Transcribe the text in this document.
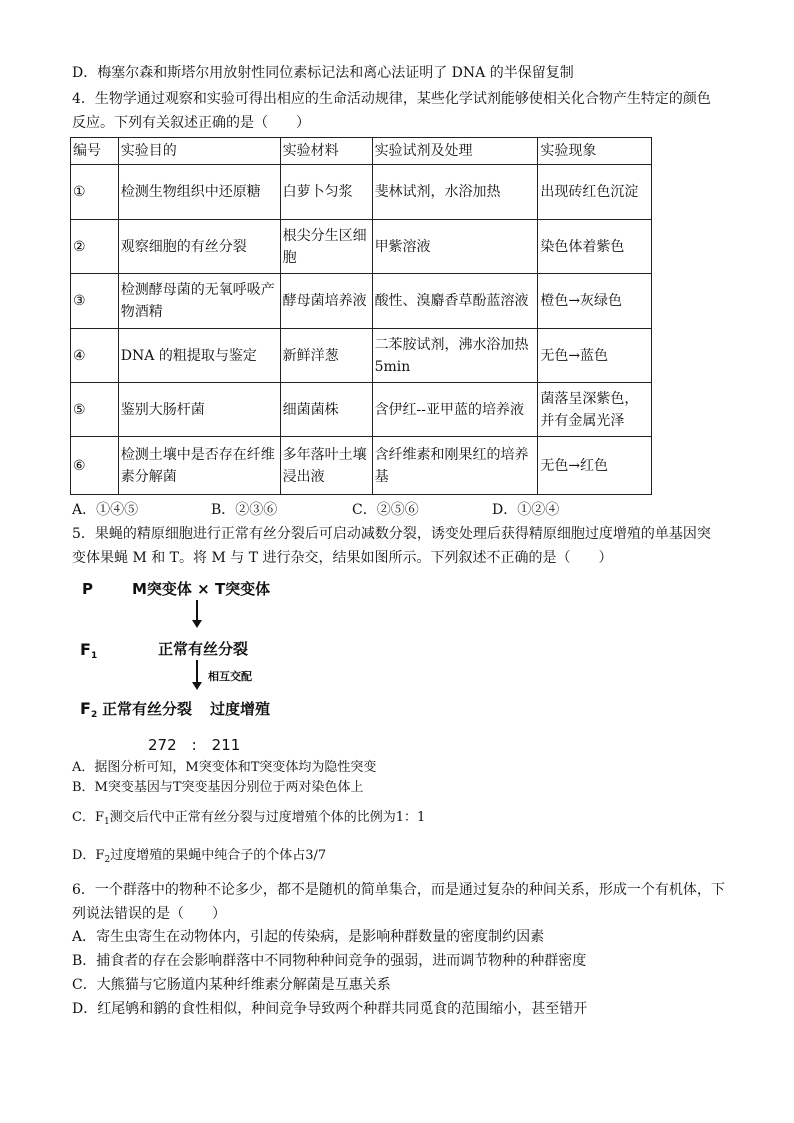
D．梅塞尔森和斯塔尔用放射性同位素标记法和离心法证明了 DNA 的半保留复制
4．生物学通过观察和实验可得出相应的生命活动规律，某些化学试剂能够使相关化合物产生特定的颜色
反应。下列有关叙述正确的是（　　）
编号	实验目的	实验材料	实验试剂及处理	实验现象
①	检测生物组织中还原糖	白萝卜匀浆	斐林试剂，水浴加热	出现砖红色沉淀
②	观察细胞的有丝分裂	根尖分生区细胞	甲紫溶液	染色体着紫色
③	检测酵母菌的无氧呼吸产物酒精	酵母菌培养液	酸性、溴麝香草酚蓝溶液	橙色→灰绿色
④	DNA 的粗提取与鉴定	新鲜洋葱	二苯胺试剂，沸水浴加热 5min	无色→蓝色
⑤	鉴别大肠杆菌	细菌菌株	含伊红--亚甲蓝的培养液	菌落呈深紫色，并有金属光泽
⑥	检测土壤中是否存在纤维素分解菌	多年落叶土壤浸出液	含纤维素和刚果红的培养基	无色→红色
A．①④⑤	B．②③⑥	C．②⑤⑥	D．①②④
5．果蝇的精原细胞进行正常有丝分裂后可启动减数分裂，诱变处理后获得精原细胞过度增殖的单基因突
变体果蝇 M 和 T。将 M 与 T 进行杂交，结果如图所示。下列叙述不正确的是（　　）
P	M突变体 × T突变体
$F_1$	正常有丝分裂
相互交配
$F_2$ 正常有丝分裂 过度增殖
272　:　211
A．据图分析可知，M突变体和T突变体均为隐性突变
B．M突变基因与T突变基因分别位于两对染色体上
C．$F_1$测交后代中正常有丝分裂与过度增殖个体的比例为1：1
D．$F_2$过度增殖的果蝇中纯合子的个体占3/7
6．一个群落中的物种不论多少，都不是随机的简单集合，而是通过复杂的种间关系，形成一个有机体，下
列说法错误的是（　　）
A．寄生虫寄生在动物体内，引起的传染病，是影响种群数量的密度制约因素
B．捕食者的存在会影响群落中不同物种种间竞争的强弱，进而调节物种的种群密度
C．大熊猫与它肠道内某种纤维素分解菌是互惠关系
D．红尾鸲和鹟的食性相似，种间竞争导致两个种群共同觅食的范围缩小，甚至错开
